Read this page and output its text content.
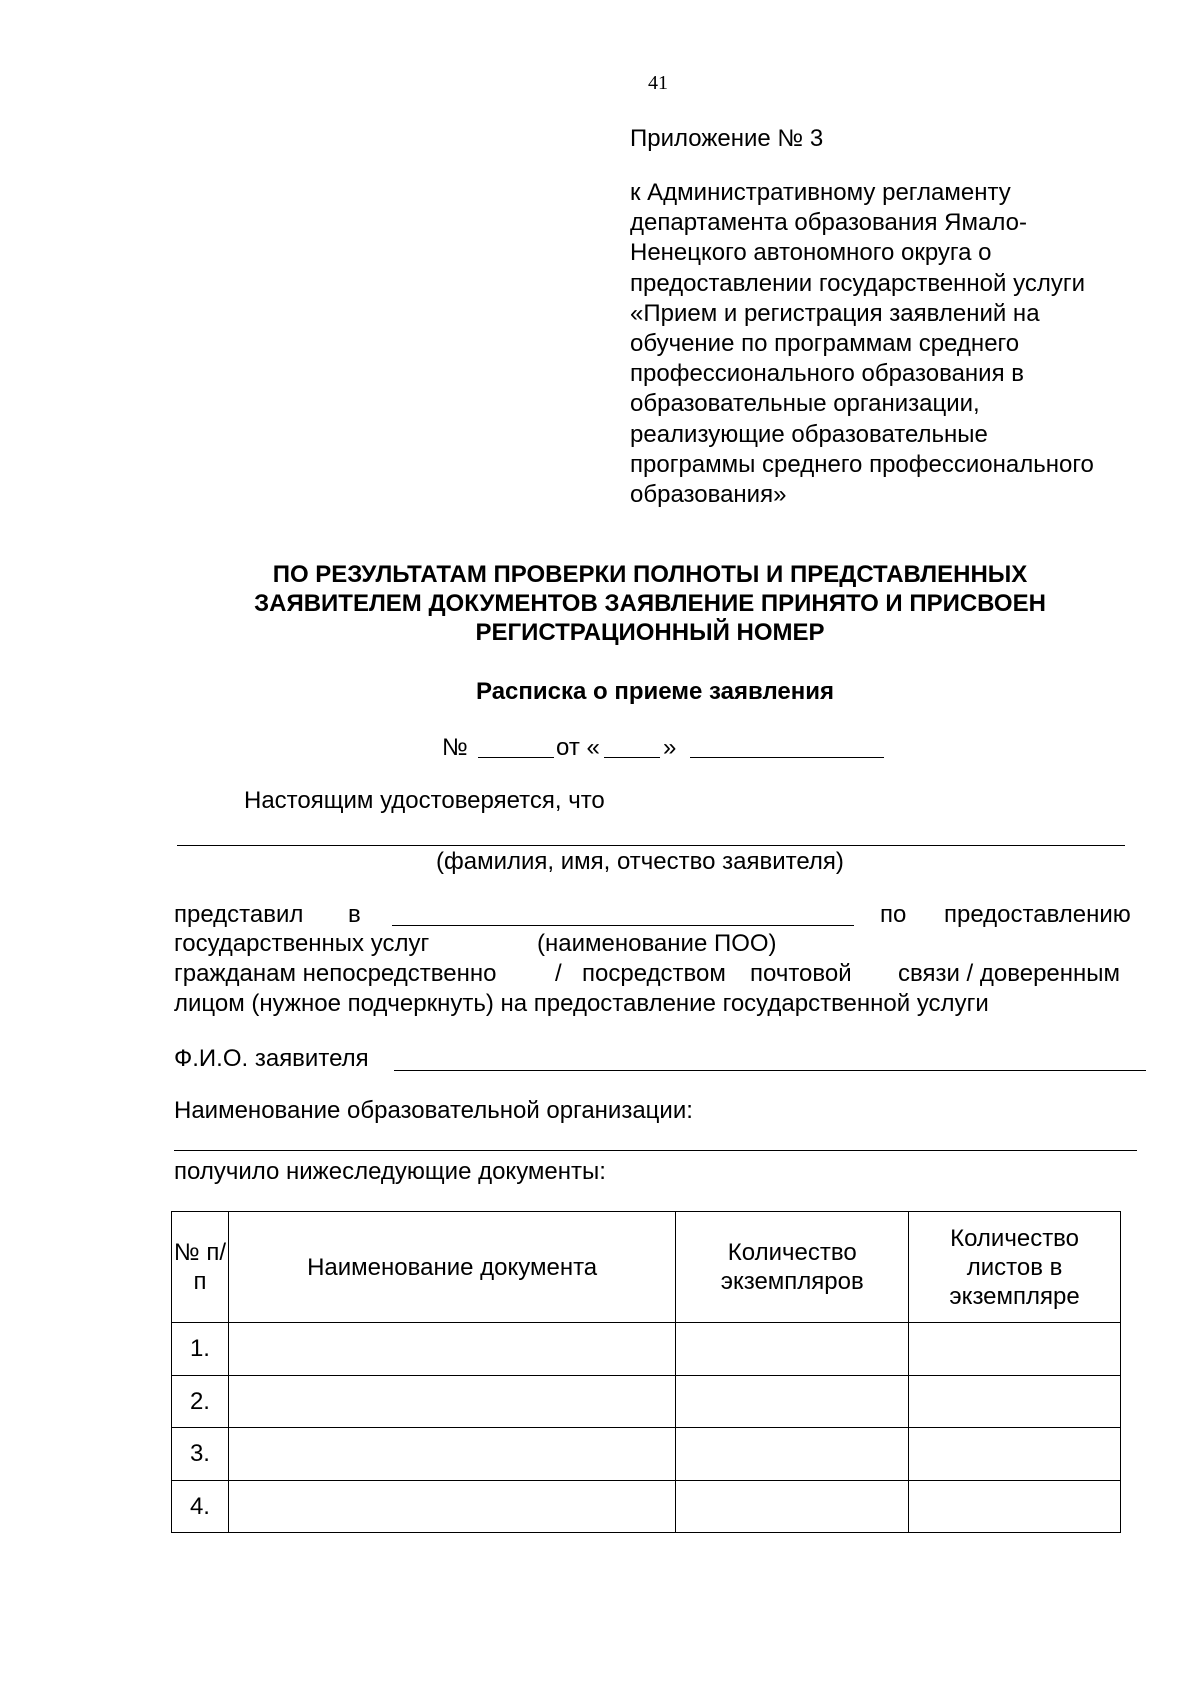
41
Приложение № 3
к Административному регламенту
департамента образования Ямало-
Ненецкого автономного округа о
предоставлении государственной услуги
«Прием и регистрация заявлений на
обучение по программам среднего
профессионального образования в
образовательные организации,
реализующие образовательные
программы среднего профессионального
образования»
ПО РЕЗУЛЬТАТАМ ПРОВЕРКИ ПОЛНОТЫ И ПРЕДСТАВЛЕННЫХ
ЗАЯВИТЕЛЕМ ДОКУМЕНТОВ ЗАЯВЛЕНИЕ ПРИНЯТО И ПРИСВОЕН
РЕГИСТРАЦИОННЫЙ НОМЕР
Расписка о приеме заявления
№	от «	»
Настоящим удостоверяется, что
(фамилия, имя, отчество заявителя)
представил в	по предоставлению
государственных услуг	(наименование ПОО)
гражданам непосредственно / посредством почтовой связи / доверенным
лицом (нужное подчеркнуть) на предоставление государственной услуги
Ф.И.О. заявителя
Наименование образовательной организации:
получило нижеследующие документы:
№ п/п	Наименование документа	Количество экземпляров	Количество листов в экземпляре
1.			
2.			
3.			
4.			
